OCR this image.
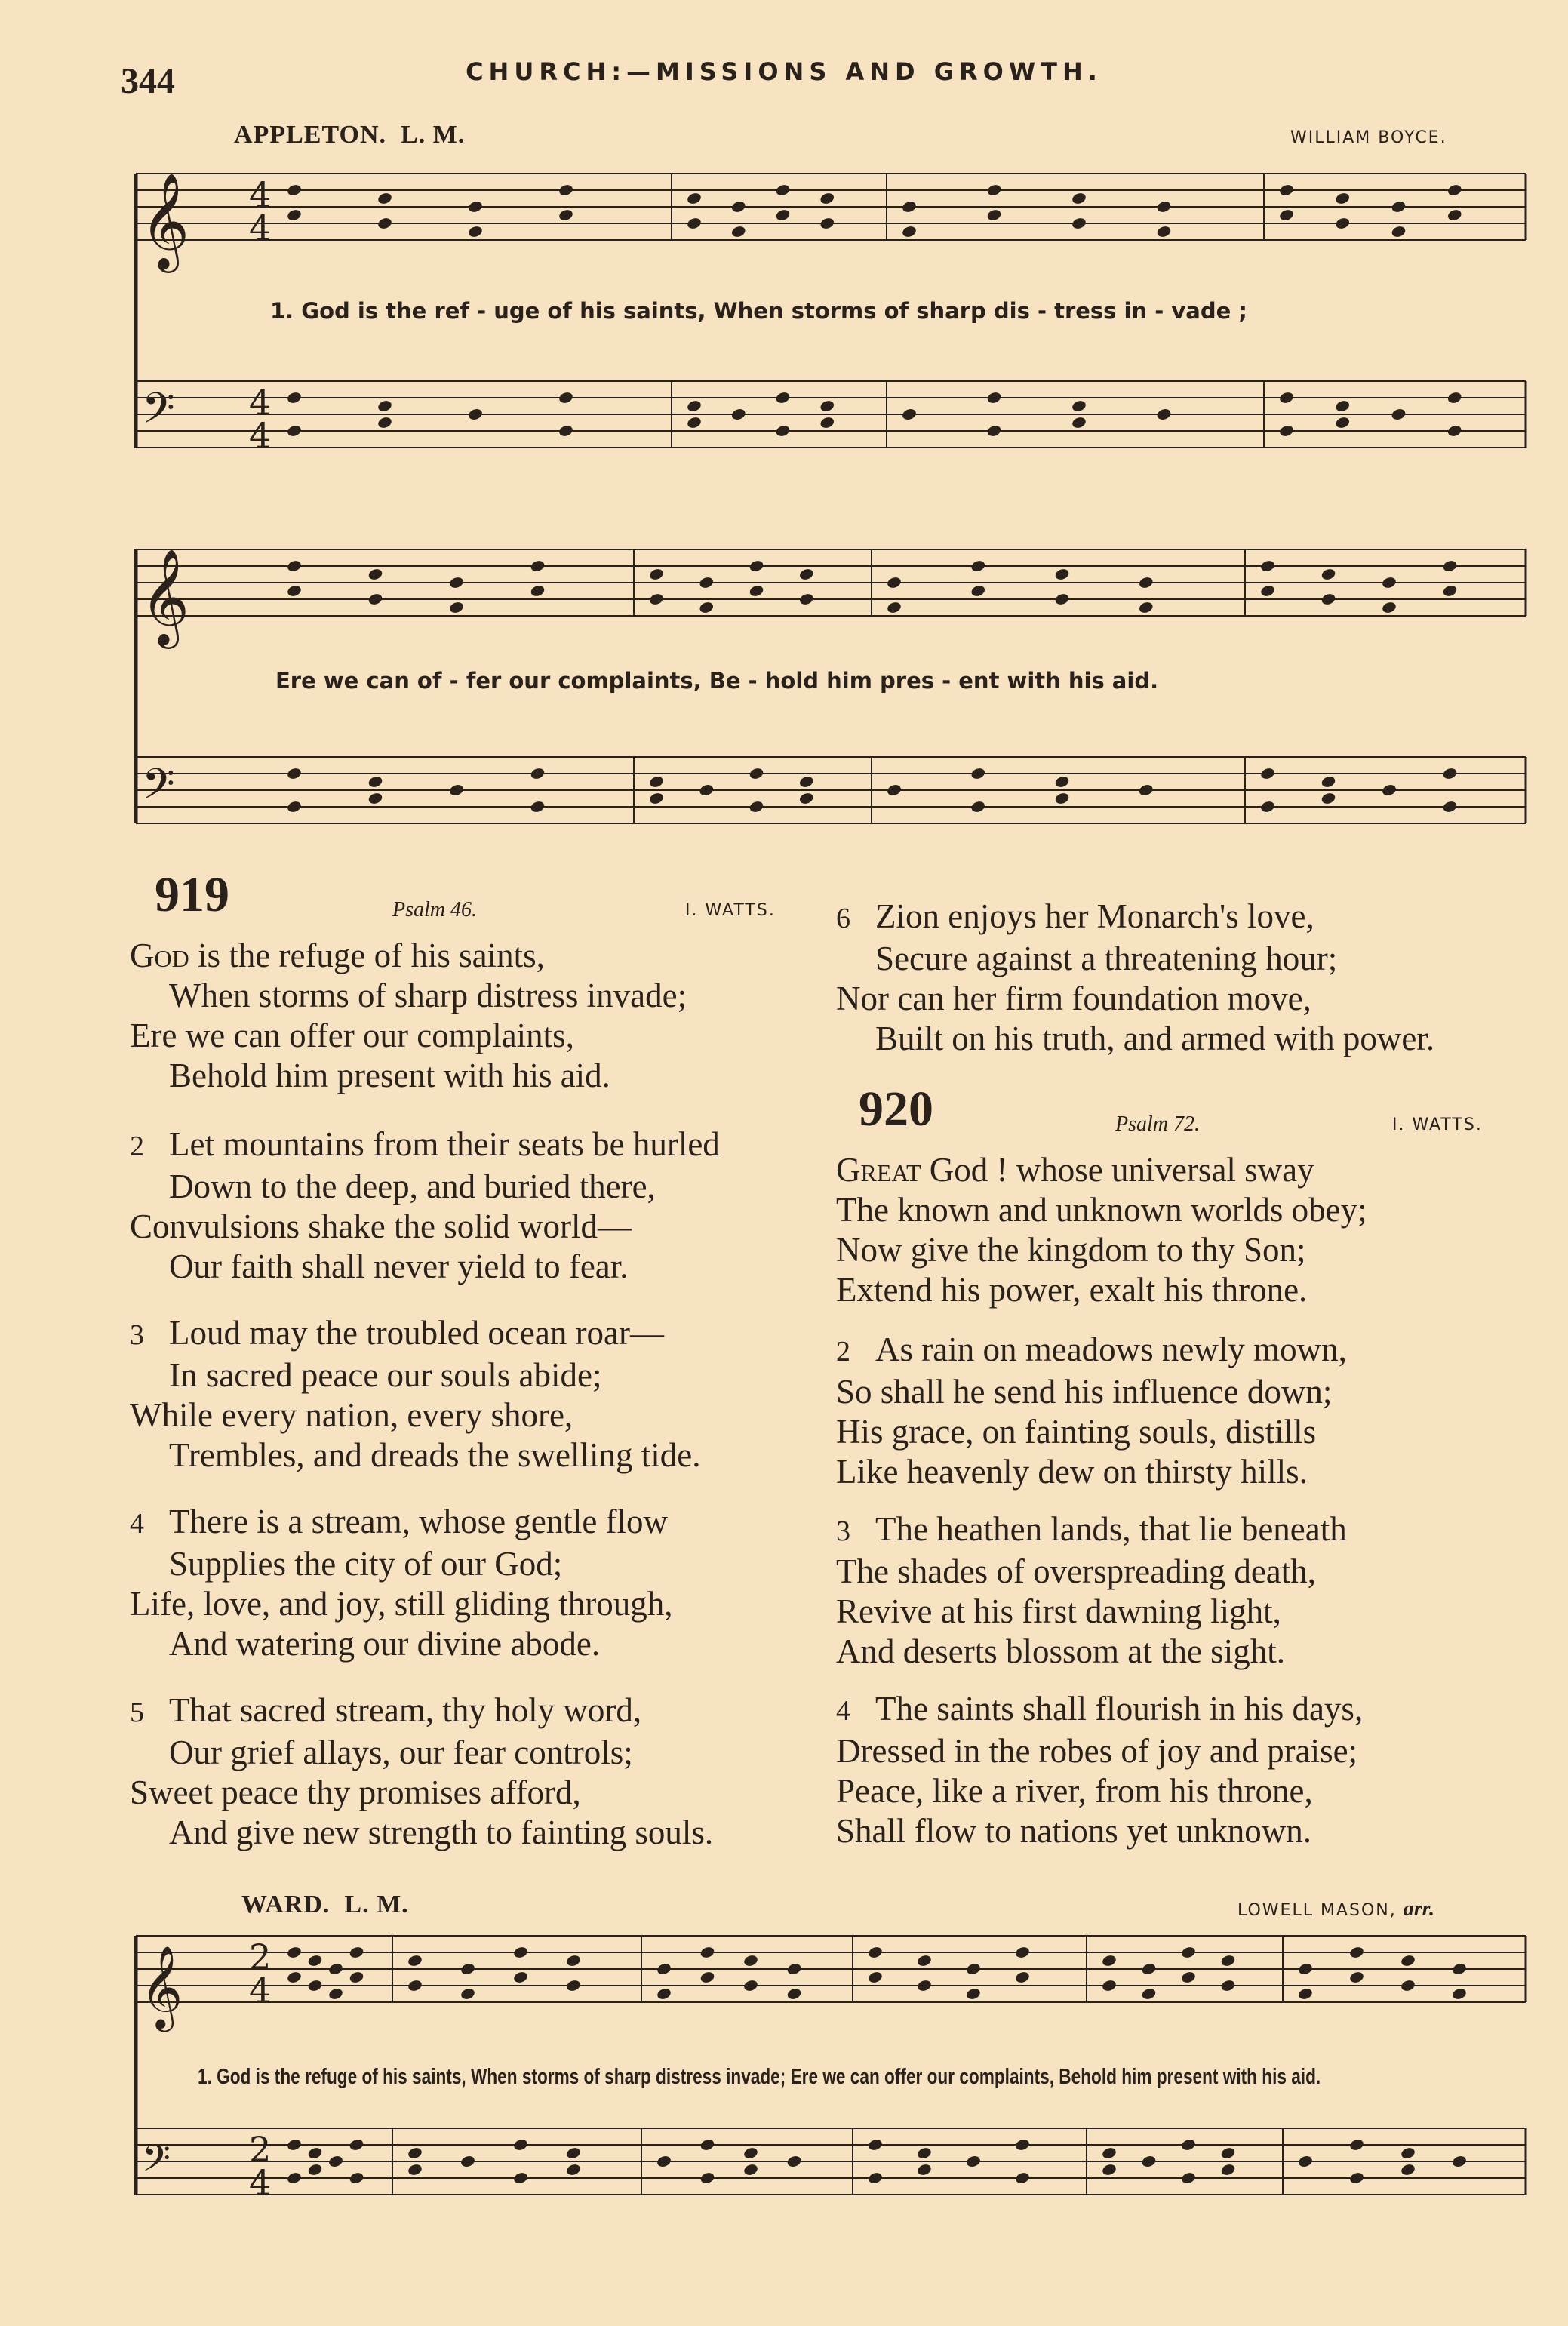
344	CHURCH:—MISSIONS AND GROWTH.
APPLETON. L. M.	WILLIAM BOYCE.
𝄞
𝄢
4
4
4
4
𝄞
𝄢
𝄞
𝄢
2
4
2
4
1. God is the ref - uge of his saints, When storms of sharp dis - tress in - vade ;
Ere we can of - fer our complaints, Be - hold him pres - ent with his aid.
919	Psalm 46.	I. WATTS.
God is the refuge of his saints,
When storms of sharp distress invade;
Ere we can offer our complaints,
Behold him present with his aid.
2 Let mountains from their seats be hurled
Down to the deep, and buried there,
Convulsions shake the solid world—
Our faith shall never yield to fear.
3 Loud may the troubled ocean roar—
In sacred peace our souls abide;
While every nation, every shore,
Trembles, and dreads the swelling tide.
4 There is a stream, whose gentle flow
Supplies the city of our God;
Life, love, and joy, still gliding through,
And watering our divine abode.
5 That sacred stream, thy holy word,
Our grief allays, our fear controls;
Sweet peace thy promises afford,
And give new strength to fainting souls.
6 Zion enjoys her Monarch's love,
Secure against a threatening hour;
Nor can her firm foundation move,
Built on his truth, and armed with power.
920	Psalm 72.	I. WATTS.
Great God ! whose universal sway
The known and unknown worlds obey;
Now give the kingdom to thy Son;
Extend his power, exalt his throne.
2 As rain on meadows newly mown,
So shall he send his influence down;
His grace, on fainting souls, distills
Like heavenly dew on thirsty hills.
3 The heathen lands, that lie beneath
The shades of overspreading death,
Revive at his first dawning light,
And deserts blossom at the sight.
4 The saints shall flourish in his days,
Dressed in the robes of joy and praise;
Peace, like a river, from his throne,
Shall flow to nations yet unknown.
WARD. L. M.	LOWELL MASON, arr.
1. God is the refuge of his saints, When storms of sharp distress invade; Ere we can offer our complaints, Behold him present with his aid.
